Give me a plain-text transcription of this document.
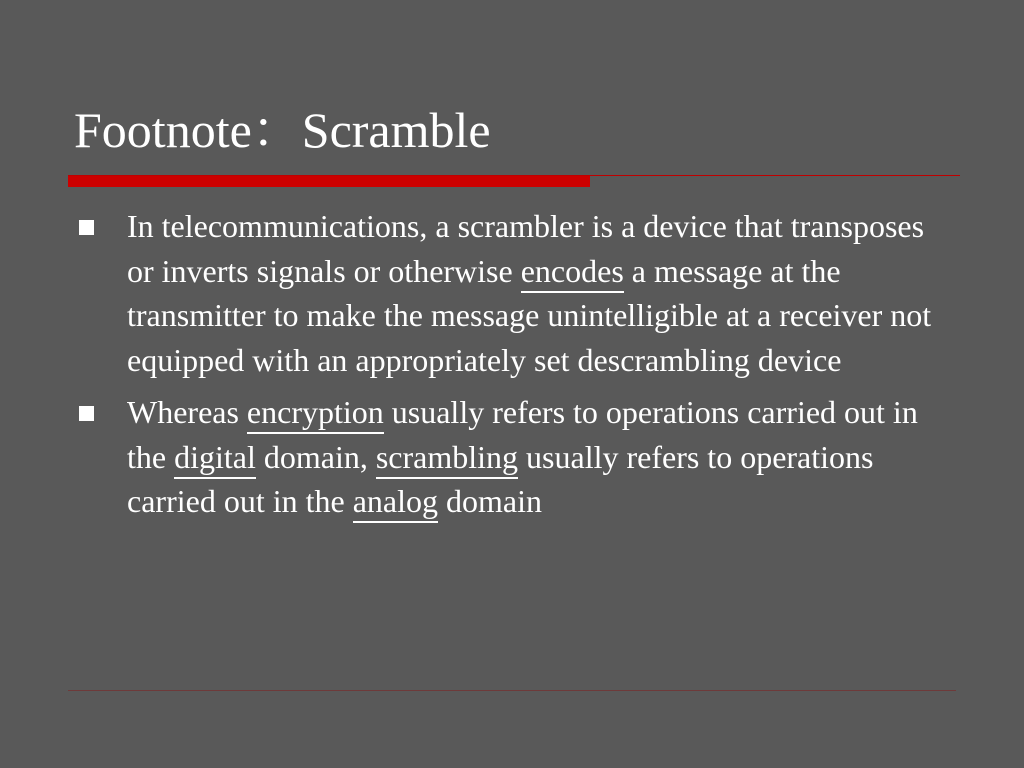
Footnote：Scramble
In telecommunications, a scrambler is a device that transposes or inverts signals or otherwise encodes a message at the transmitter to make the message unintelligible at a receiver not equipped with an appropriately set descrambling device
Whereas encryption usually refers to operations carried out in the digital domain, scrambling usually refers to operations carried out in the analog domain
